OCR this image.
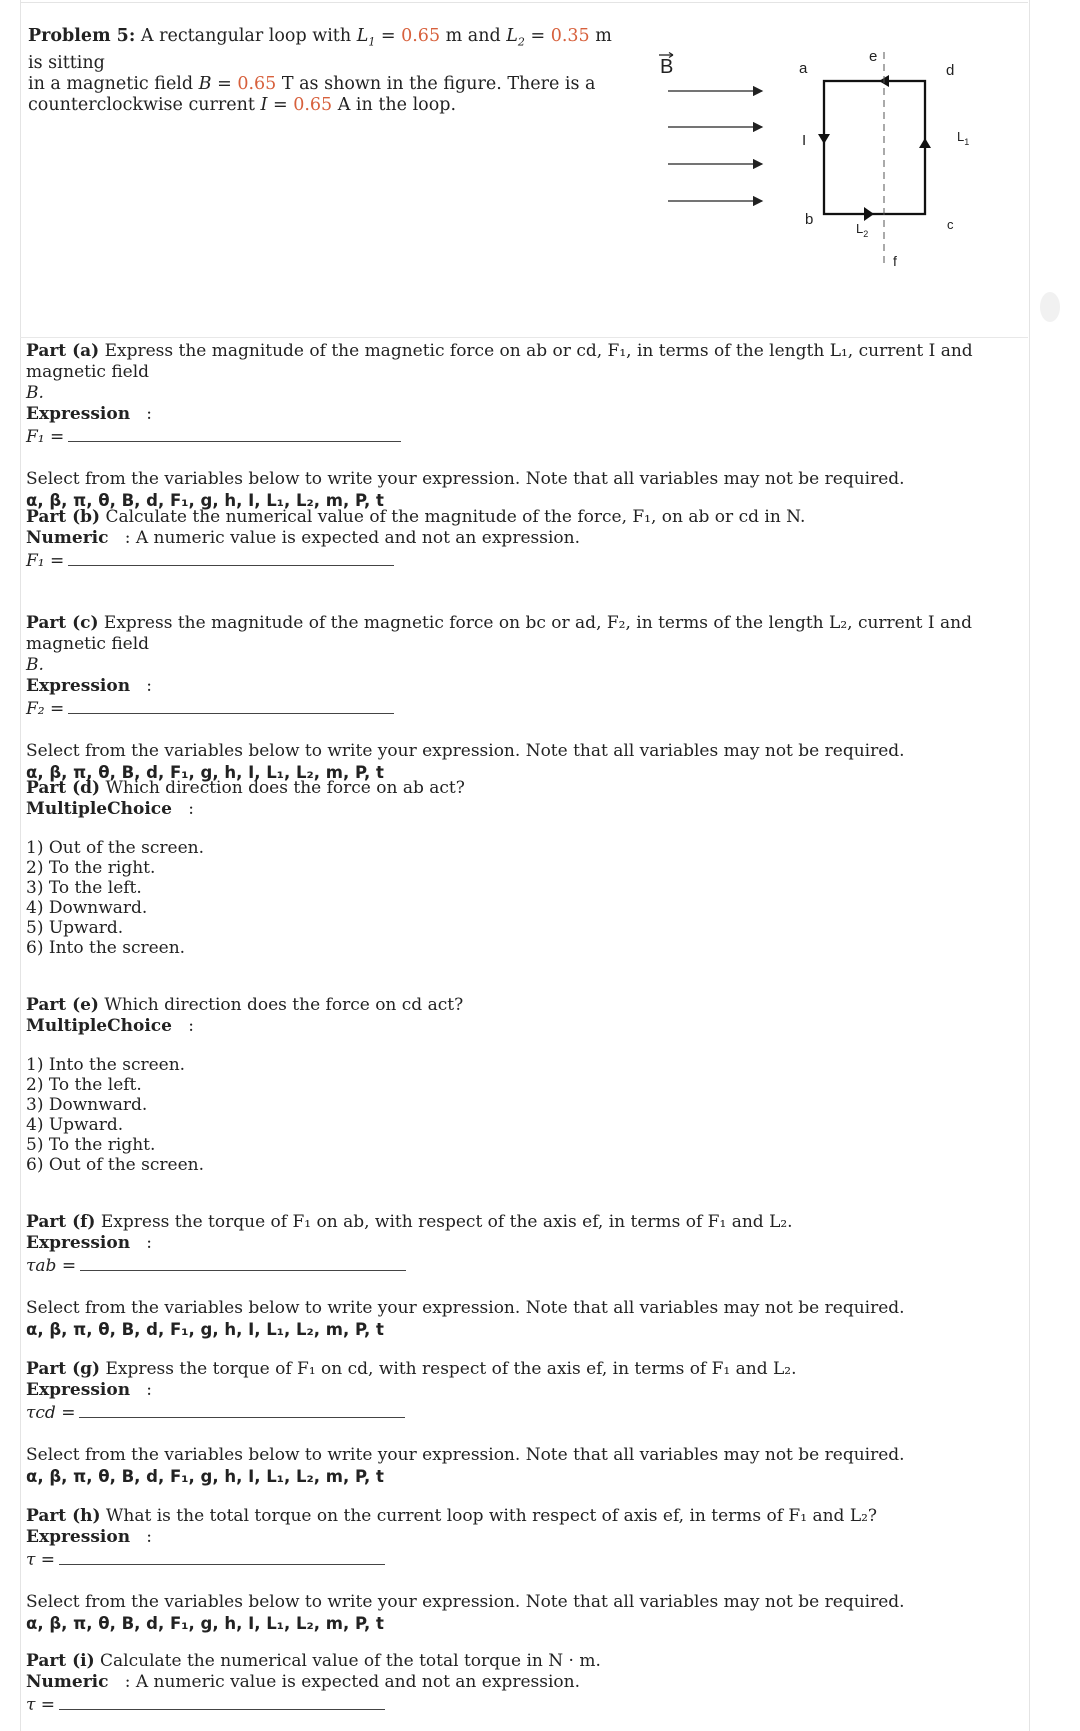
Problem 5: A rectangular loop with $L_1 = 0.65$ m and $L_2 = 0.35$ m is sitting
in a magnetic field B = 0.65 T as shown in the figure. There is a
counterclockwise current I = 0.65 A in the loop.
B	e
a	d
I	$L_1$
b
$L_2$
c
f
Part (a) Express the magnitude of the magnetic force on ab or cd, F₁, in terms of the length L₁, current I and magnetic field
B.
Expression :
F₁ =
Select from the variables below to write your expression. Note that all variables may not be required.
α, β, π, θ, B, d, F₁, g, h, I, L₁, L₂, m, P, t
Part (b) Calculate the numerical value of the magnitude of the force, F₁, on ab or cd in N.
Numeric : A numeric value is expected and not an expression.
F₁ =
Part (c) Express the magnitude of the magnetic force on bc or ad, F₂, in terms of the length L₂, current I and magnetic field
B.
Expression :
F₂ =
Select from the variables below to write your expression. Note that all variables may not be required.
α, β, π, θ, B, d, F₁, g, h, I, L₁, L₂, m, P, t
Part (d) Which direction does the force on ab act?
MultipleChoice :
1) Out of the screen.
2) To the right.
3) To the left.
4) Downward.
5) Upward.
6) Into the screen.
Part (e) Which direction does the force on cd act?
MultipleChoice :
1) Into the screen.
2) To the left.
3) Downward.
4) Upward.
5) To the right.
6) Out of the screen.
Part (f) Express the torque of F₁ on ab, with respect of the axis ef, in terms of F₁ and L₂.
Expression :
τab =
Select from the variables below to write your expression. Note that all variables may not be required.
α, β, π, θ, B, d, F₁, g, h, I, L₁, L₂, m, P, t
Part (g) Express the torque of F₁ on cd, with respect of the axis ef, in terms of F₁ and L₂.
Expression :
τcd =
Select from the variables below to write your expression. Note that all variables may not be required.
α, β, π, θ, B, d, F₁, g, h, I, L₁, L₂, m, P, t
Part (h) What is the total torque on the current loop with respect of axis ef, in terms of F₁ and L₂?
Expression :
τ =
Select from the variables below to write your expression. Note that all variables may not be required.
α, β, π, θ, B, d, F₁, g, h, I, L₁, L₂, m, P, t
Part (i) Calculate the numerical value of the total torque in N · m.
Numeric : A numeric value is expected and not an expression.
τ =
